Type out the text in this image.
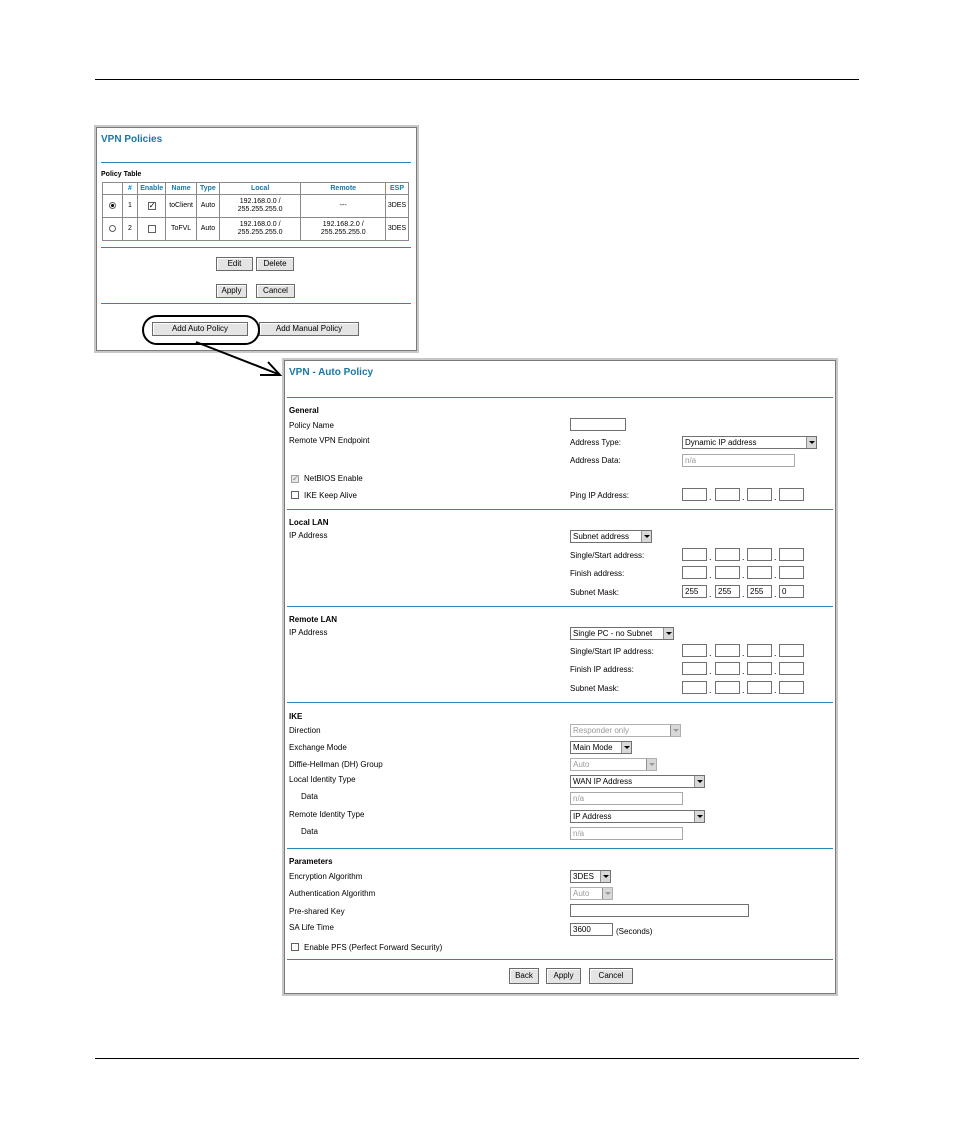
VPN Policies
Policy Table
	#	Enable	Name	Type	Local	Remote	ESP
	1	✓	toClient	Auto	192.168.0.0 /
255.255.255.0	---	3DES
	2		ToFVL	Auto	192.168.0.0 /
255.255.255.0	192.168.2.0 /
255.255.255.0	3DES
Edit	Delete
Apply	Cancel
Add Auto Policy	Add Manual Policy
VPN - Auto Policy
General
Policy Name
Remote VPN Endpoint	Address Type:	Dynamic IP address
Address Data:	n/a
✓ NetBIOS Enable
IKE Keep Alive	Ping IP Address:	.	.	.
Local LAN
IP Address	Subnet address
Single/Start address:	.	.	.
Finish address:	.	.	.
Subnet Mask:	255	. 255	. 255	. 0
Remote LAN
IP Address	Single PC - no Subnet
Single/Start IP address:	.	.	.
Finish IP address:	.	.	.
Subnet Mask:	.	.	.
IKE
Direction	Responder only
Exchange Mode	Main Mode
Diffie-Hellman (DH) Group	Auto
Local Identity Type	WAN IP Address
Data	n/a
Remote Identity Type	IP Address
Data	n/a
Parameters
Encryption Algorithm	3DES
Authentication Algorithm	Auto
Pre-shared Key
SA Life Time	3600	(Seconds)
Enable PFS (Perfect Forward Security)
Back	Apply	Cancel
